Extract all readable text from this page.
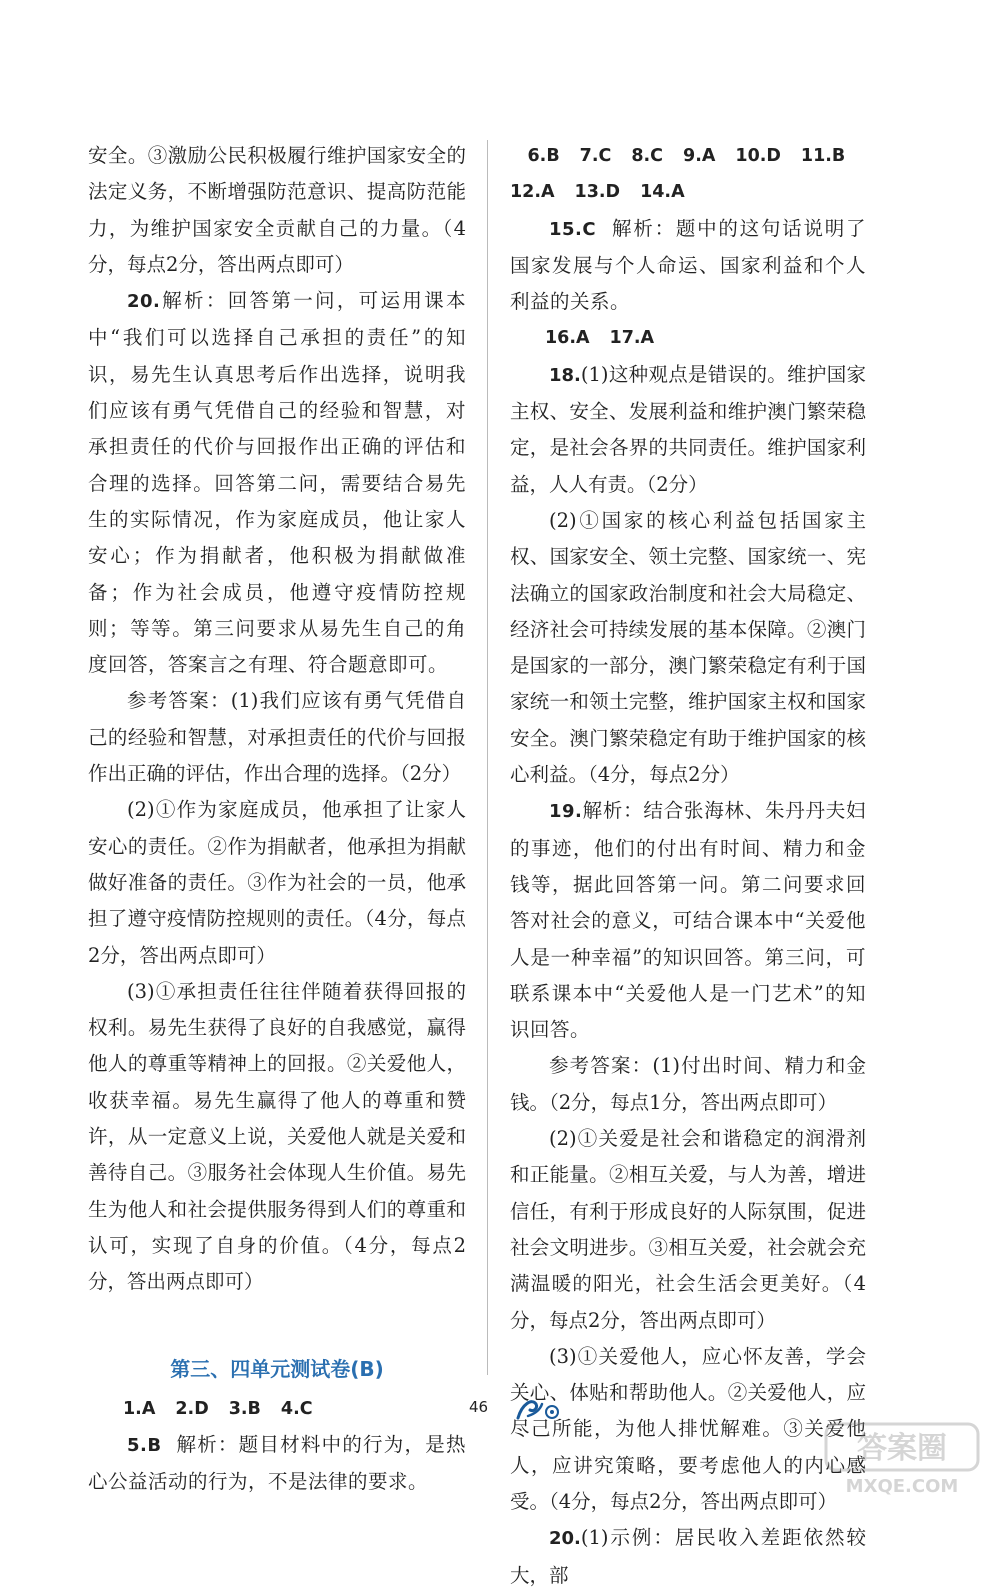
安全。③激励公民积极履行维护国家安全的法定义务，不断增强防范意识、提高防范能力，为维护国家安全贡献自己的力量。（4分，每点2分，答出两点即可）

20.解析：回答第一问，可运用课本中“我们可以选择自己承担的责任”的知识，易先生认真思考后作出选择，说明我们应该有勇气凭借自己的经验和智慧，对承担责任的代价与回报作出正确的评估和合理的选择。回答第二问，需要结合易先生的实际情况，作为家庭成员，他让家人安心；作为捐献者，他积极为捐献做准备；作为社会成员，他遵守疫情防控规则；等等。第三问要求从易先生自己的角度回答，答案言之有理、符合题意即可。

参考答案：(1)我们应该有勇气凭借自己的经验和智慧，对承担责任的代价与回报作出正确的评估，作出合理的选择。（2分）

(2)①作为家庭成员，他承担了让家人安心的责任。②作为捐献者，他承担为捐献做好准备的责任。③作为社会的一员，他承担了遵守疫情防控规则的责任。（4分，每点2分，答出两点即可）

(3)①承担责任往往伴随着获得回报的权利。易先生获得了良好的自我感觉，赢得他人的尊重等精神上的回报。②关爱他人，收获幸福。易先生赢得了他人的尊重和赞许，从一定意义上说，关爱他人就是关爱和善待自己。③服务社会体现人生价值。易先生为他人和社会提供服务得到人们的尊重和认可，实现了自身的价值。（4分，每点2分，答出两点即可）

第三、四单元测试卷(B)
1.A 2.D 3.B 4.C

5.B 解析：题目材料中的行为，是热心公益活动的行为，不是法律的要求。

6.B 7.C 8.C 9.A 10.D 11.B
12.A 13.D 14.A

15.C 解析：题中的这句话说明了国家发展与个人命运、国家利益和个人利益的关系。

16.A 17.A

18.(1)这种观点是错误的。维护国家主权、安全、发展利益和维护澳门繁荣稳定，是社会各界的共同责任。维护国家利益，人人有责。（2分）

(2)①国家的核心利益包括国家主权、国家安全、领土完整、国家统一、宪法确立的国家政治制度和社会大局稳定、经济社会可持续发展的基本保障。②澳门是国家的一部分，澳门繁荣稳定有利于国家统一和领土完整，维护国家主权和国家安全。澳门繁荣稳定有助于维护国家的核心利益。（4分，每点2分）

19.解析：结合张海林、朱丹丹夫妇的事迹，他们的付出有时间、精力和金钱等，据此回答第一问。第二问要求回答对社会的意义，可结合课本中“关爱他人是一种幸福”的知识回答。第三问，可联系课本中“关爱他人是一门艺术”的知识回答。

参考答案：(1)付出时间、精力和金钱。（2分，每点1分，答出两点即可）

(2)①关爱是社会和谐稳定的润滑剂和正能量。②相互关爱，与人为善，增进信任，有利于形成良好的人际氛围，促进社会文明进步。③相互关爱，社会就会充满温暖的阳光，社会生活会更美好。（4分，每点2分，答出两点即可）

(3)①关爱他人，应心怀友善，学会关心、体贴和帮助他人。②关爱他人，应尽己所能，为他人排忧解难。③关爱他人，应讲究策略，要考虑他人的内心感受。（4分，每点2分，答出两点即可）

20.(1)示例：居民收入差距依然较大，部

46
答案圈
MXQE.COM
